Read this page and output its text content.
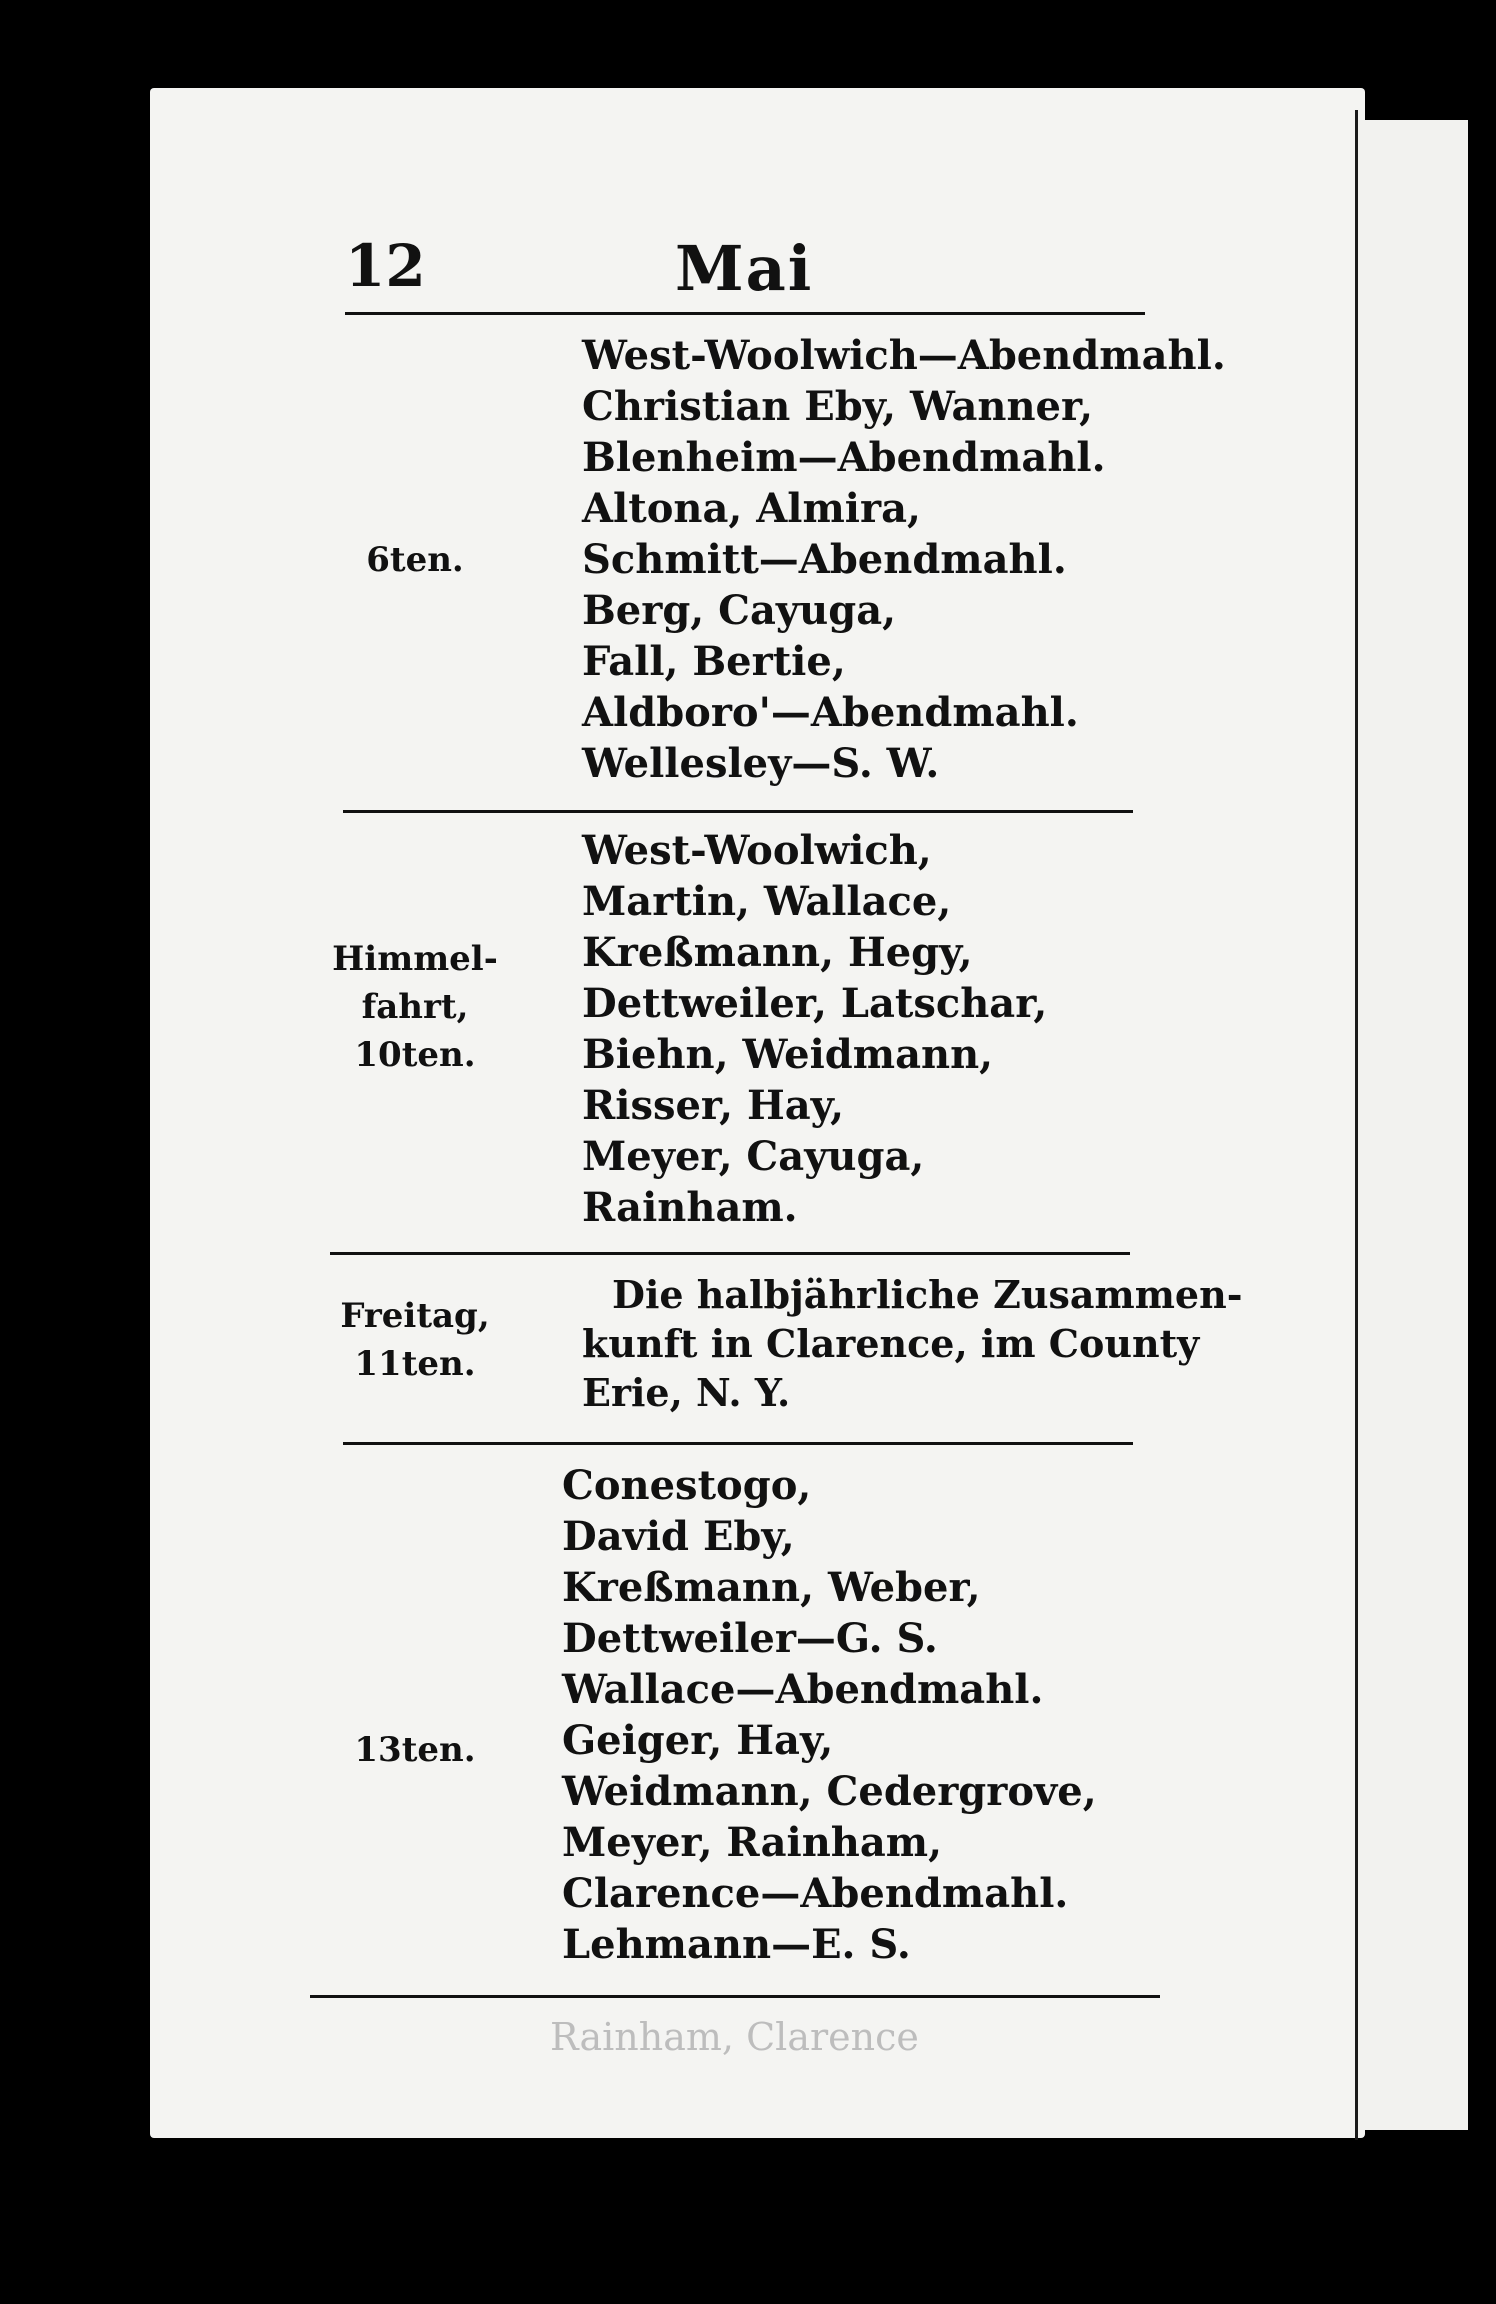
12	Mai
6ten.
West-Woolwich—Abendmahl.
Christian Eby, Wanner,
Blenheim—Abendmahl.
Altona, Almira,
Schmitt—Abendmahl.
Berg, Cayuga,
Fall, Bertie,
Aldboro'—Abendmahl.
Wellesley—S. W.
Himmel-
fahrt,
10ten.
West-Woolwich,
Martin, Wallace,
Kreßmann, Hegy,
Dettweiler, Latschar,
Biehn, Weidmann,
Risser, Hay,
Meyer, Cayuga,
Rainham.
Freitag,
11ten.
Die halbjährliche Zusammen-
kunft in Clarence, im County
Erie, N. Y.
13ten.
Conestogo,
David Eby,
Kreßmann, Weber,
Dettweiler—G. S.
Wallace—Abendmahl.
Geiger, Hay,
Weidmann, Cedergrove,
Meyer, Rainham,
Clarence—Abendmahl.
Lehmann—E. S.
Rainham, Clarence
